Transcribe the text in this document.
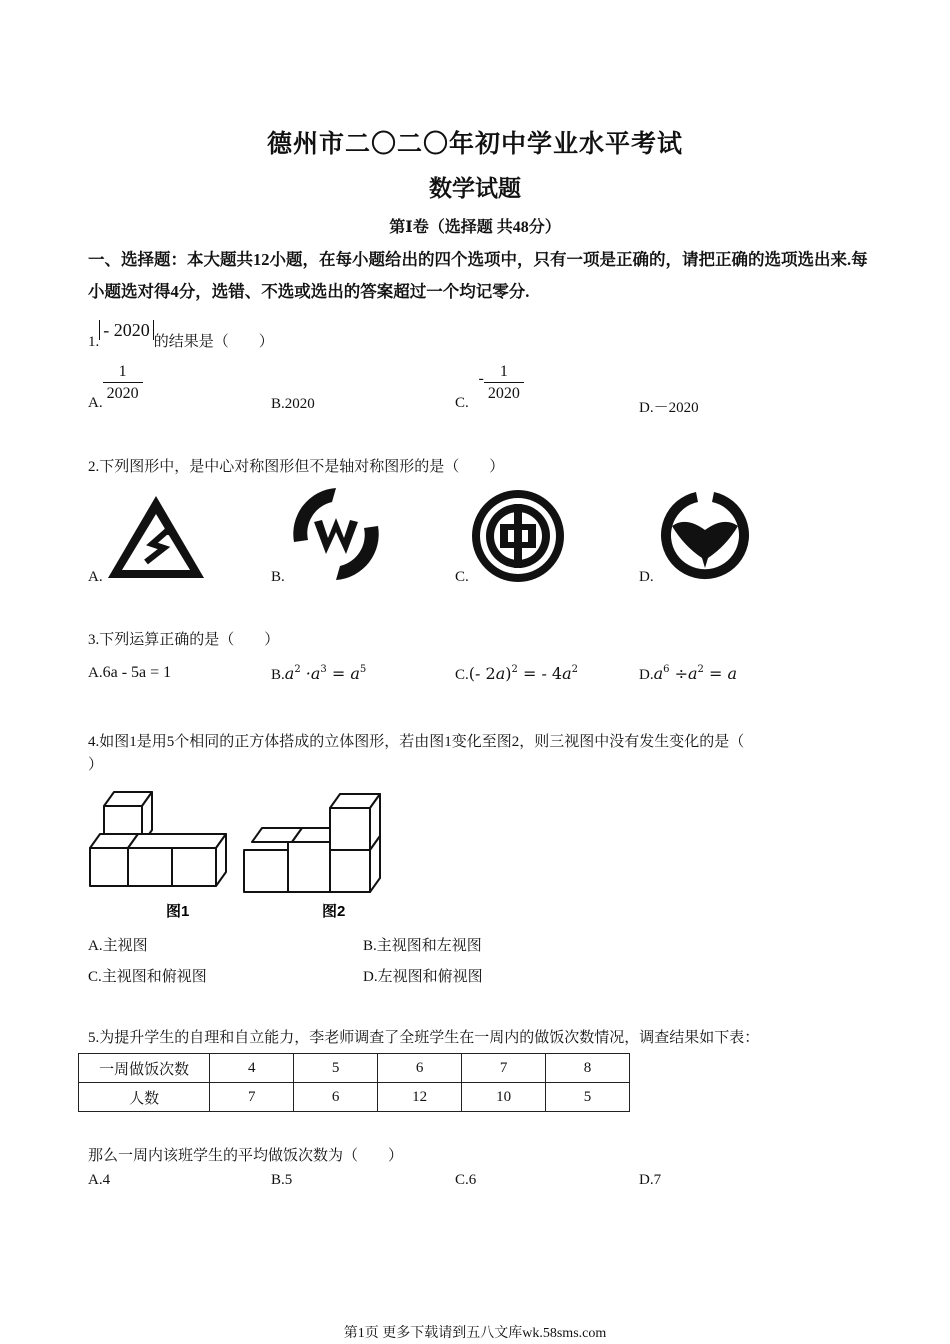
德州市二〇二〇年初中学业水平考试
数学试题
第Ⅰ卷（选择题 共48分）
一、选择题：本大题共12小题，在每小题给出的四个选项中，只有一项是正确的，请把正确的选项选出来.每小题选对得4分，选错、不选或选出的答案超过一个均记零分.
1.- 2020的结果是（　　）
A. $\frac{1}{2020}$	B.2020	C. - $\frac{1}{2020}$
D.－2020
2.下列图形中，是中心对称图形但不是轴对称图形的是（　　）
A.	B.	C.	D.
3.下列运算正确的是（　　）
A.6a - 5a = 1	$B.a^2 \cdot a^3 = a^5$	C.(- 2a)$^2$ = - $4a^2$	$D.a^6 \div a^2 = a$
4.如图1是用5个相同的正方体搭成的立体图形，若由图1变化至图2，则三视图中没有发生变化的是（
）
图1	图2
A.主视图	B.主视图和左视图
C.主视图和俯视图	D.左视图和俯视图
5.为提升学生的自理和自立能力，李老师调查了全班学生在一周内的做饭次数情况，调查结果如下表：
一周做饭次数	4	5	6	7	8
人数	7	6	12	10	5
那么一周内该班学生的平均做饭次数为（　　）
A.4	B.5	C.6	D.7
第1页 更多下载请到五八文库wk.58sms.com
